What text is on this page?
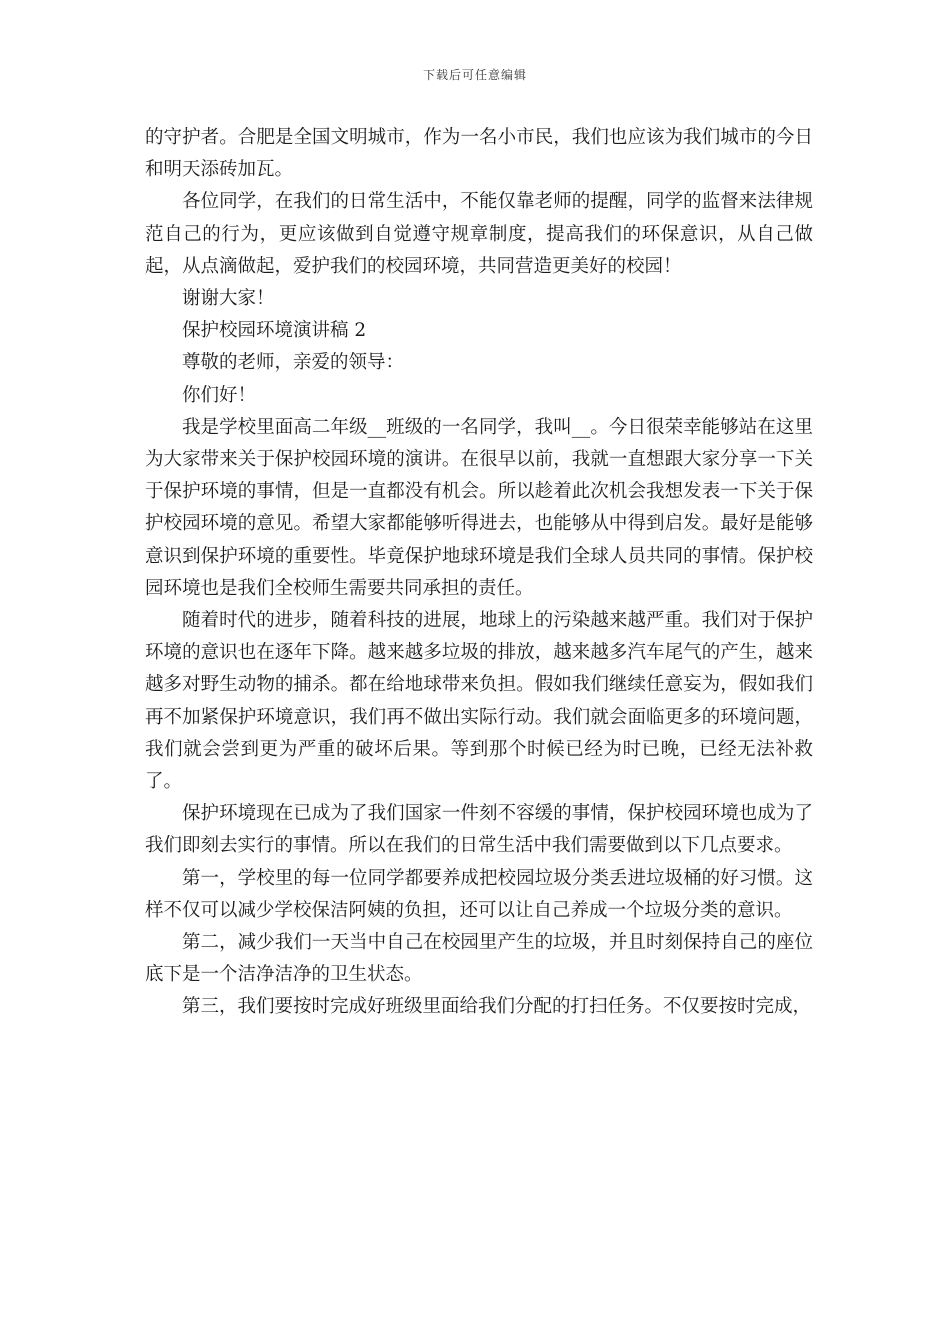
下载后可任意编辑

的守护者。合肥是全国文明城市，作为一名小市民，我们也应该为我们城市的今日和明天添砖加瓦。

各位同学，在我们的日常生活中，不能仅靠老师的提醒，同学的监督来法律规范自己的行为，更应该做到自觉遵守规章制度，提高我们的环保意识，从自己做起，从点滴做起，爱护我们的校园环境，共同营造更美好的校园！

谢谢大家！

保护校园环境演讲稿 2

尊敬的老师，亲爱的领导：

你们好！

我是学校里面高二年级__班级的一名同学，我叫__。今日很荣幸能够站在这里为大家带来关于保护校园环境的演讲。在很早以前，我就一直想跟大家分享一下关于保护环境的事情，但是一直都没有机会。所以趁着此次机会我想发表一下关于保护校园环境的意见。希望大家都能够听得进去，也能够从中得到启发。最好是能够意识到保护环境的重要性。毕竟保护地球环境是我们全球人员共同的事情。保护校园环境也是我们全校师生需要共同承担的责任。

随着时代的进步，随着科技的进展，地球上的污染越来越严重。我们对于保护环境的意识也在逐年下降。越来越多垃圾的排放，越来越多汽车尾气的产生，越来越多对野生动物的捕杀。都在给地球带来负担。假如我们继续任意妄为，假如我们再不加紧保护环境意识，我们再不做出实际行动。我们就会面临更多的环境问题，我们就会尝到更为严重的破坏后果。等到那个时候已经为时已晚，已经无法补救了。

保护环境现在已成为了我们国家一件刻不容缓的事情，保护校园环境也成为了我们即刻去实行的事情。所以在我们的日常生活中我们需要做到以下几点要求。

第一，学校里的每一位同学都要养成把校园垃圾分类丢进垃圾桶的好习惯。这样不仅可以减少学校保洁阿姨的负担，还可以让自己养成一个垃圾分类的意识。

第二，减少我们一天当中自己在校园里产生的垃圾，并且时刻保持自己的座位底下是一个洁净洁净的卫生状态。

第三，我们要按时完成好班级里面给我们分配的打扫任务。不仅要按时完成，
